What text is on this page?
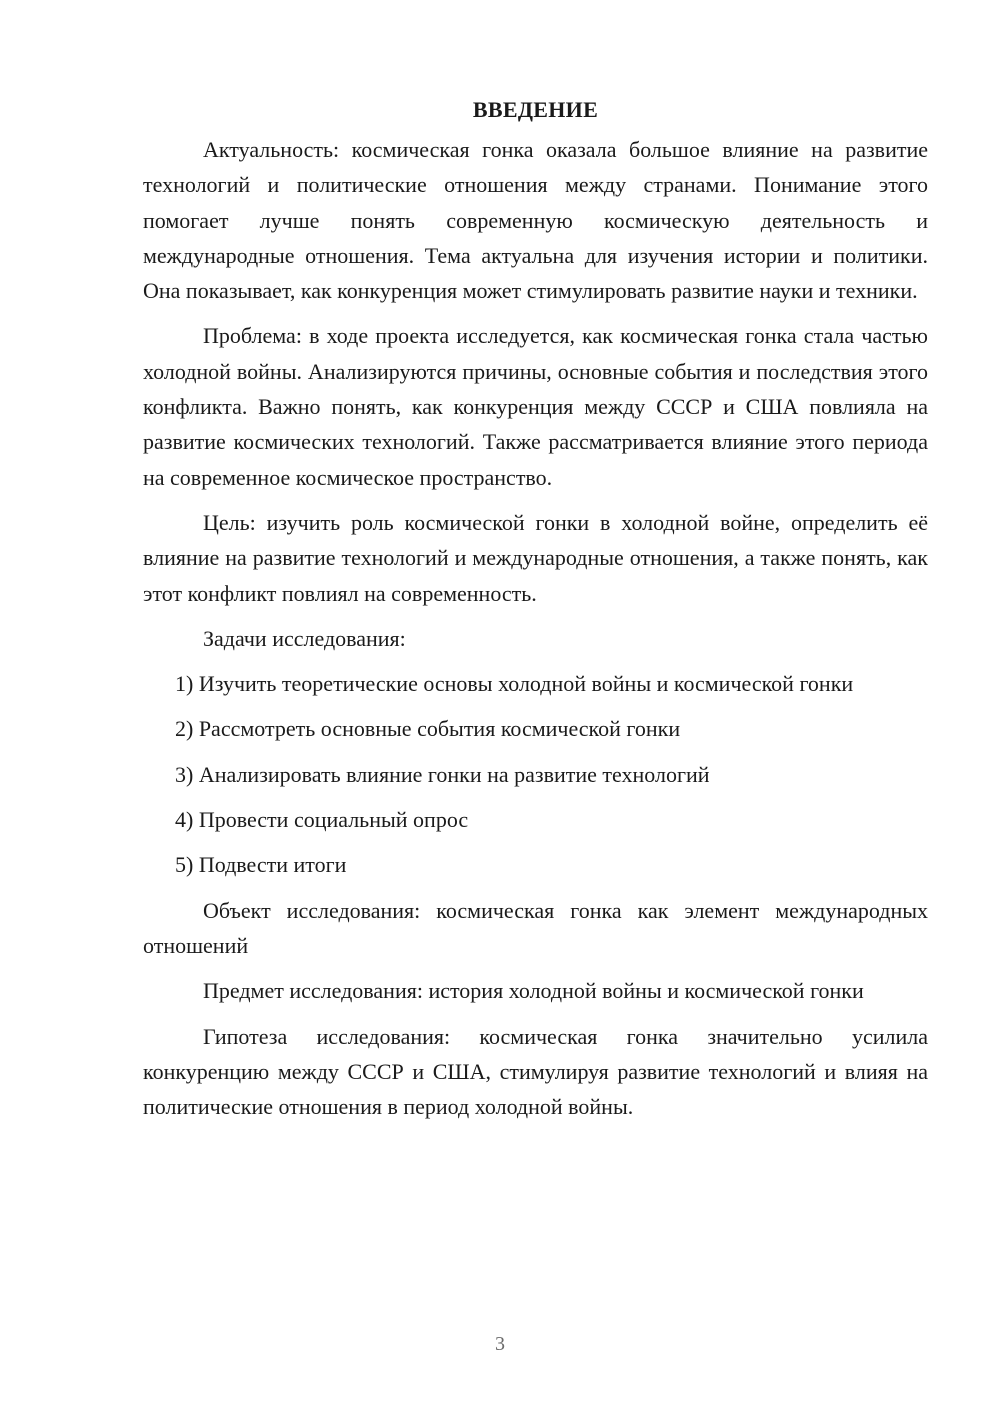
ВВЕДЕНИЕ

Актуальность: космическая гонка оказала большое влияние на развитие технологий и политические отношения между странами. Понимание этого помогает лучше понять современную космическую деятельность и международные отношения. Тема актуальна для изучения истории и политики. Она показывает, как конкуренция может стимулировать развитие науки и техники.

Проблема: в ходе проекта исследуется, как космическая гонка стала частью холодной войны. Анализируются причины, основные события и последствия этого конфликта. Важно понять, как конкуренция между СССР и США повлияла на развитие космических технологий. Также рассматривается влияние этого периода на современное космическое пространство.

Цель: изучить роль космической гонки в холодной войне, определить её влияние на развитие технологий и международные отношения, а также понять, как этот конфликт повлиял на современность.

Задачи исследования:

1) Изучить теоретические основы холодной войны и космической гонки

2) Рассмотреть основные события космической гонки

3) Анализировать влияние гонки на развитие технологий

4) Провести социальный опрос

5) Подвести итоги

Объект исследования: космическая гонка как элемент международных отношений

Предмет исследования: история холодной войны и космической гонки

Гипотеза исследования: космическая гонка значительно усилила конкуренцию между СССР и США, стимулируя развитие технологий и влияя на политические отношения в период холодной войны.

3
